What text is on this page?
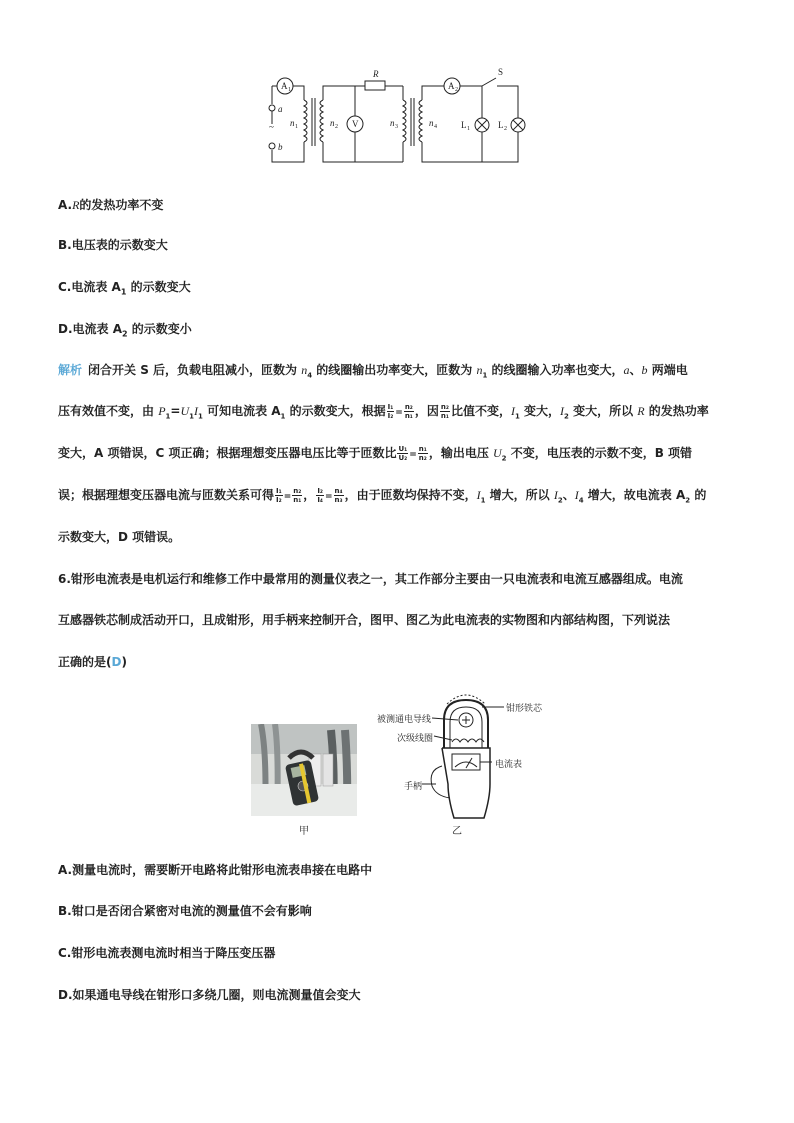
A 1
a
~
b
n 1	n 2 V
R
n 3	n 4
A 2
S
L 1	L 2
A.R的发热功率不变
B.电压表的示数变大
C.电流表 $A_1$ 的示数变大
D.电流表 $A_2$ 的示数变小
解析 闭合开关 S 后，负载电阻减小，匝数为 $n_4$ 的线圈输出功率变大，匝数为 $n_1$ 的线圈输入功率也变大，a、b 两端电
压有效值不变，由 $P_1=U_1I_1$ 可知电流表 $A_1$ 的示数变大，根据 $\frac{\text{I₁}}{\text{I₂}} = \frac{\text{n₂}}{\text{n₁}}$ ，因 $\frac{\text{n₂}}{\text{n₁}}$ 比值不变，$I_1$ 变大，$I_2$ 变大，所以 R 的发热功率
变大，A 项错误，C 项正确；根据理想变压器电压比等于匝数比 $\frac{\text{U₁}}{\text{U₂}} = \frac{\text{n₁}}{\text{n₂}}$ ，输出电压 $U_2$ 不变，电压表的示数不变，B 项错
误；根据理想变压器电流与匝数关系可得 $\frac{\text{I₁}}{\text{I₂}} = \frac{\text{n₂}}{\text{n₁}}$ ， $\frac{\text{I₂}}{\text{I₄}} = \frac{\text{n₄}}{\text{n₃}}$ ，由于匝数均保持不变，$I_1$ 增大，所以 $I_2$、$I_4$ 增大，故电流表 $A_2$ 的
示数变大，D 项错误。
6.钳形电流表是电机运行和维修工作中最常用的测量仪表之一，其工作部分主要由一只电流表和电流互感器组成。电流
互感器铁芯制成活动开口，且成钳形，用手柄来控制开合，图甲、图乙为此电流表的实物图和内部结构图，下列说法
正确的是(D)
甲
被测通电导线
钳形铁芯
次级线圈
电流表
手柄
乙
A.测量电流时，需要断开电路将此钳形电流表串接在电路中
B.钳口是否闭合紧密对电流的测量值不会有影响
C.钳形电流表测电流时相当于降压变压器
D.如果通电导线在钳形口多绕几圈，则电流测量值会变大
